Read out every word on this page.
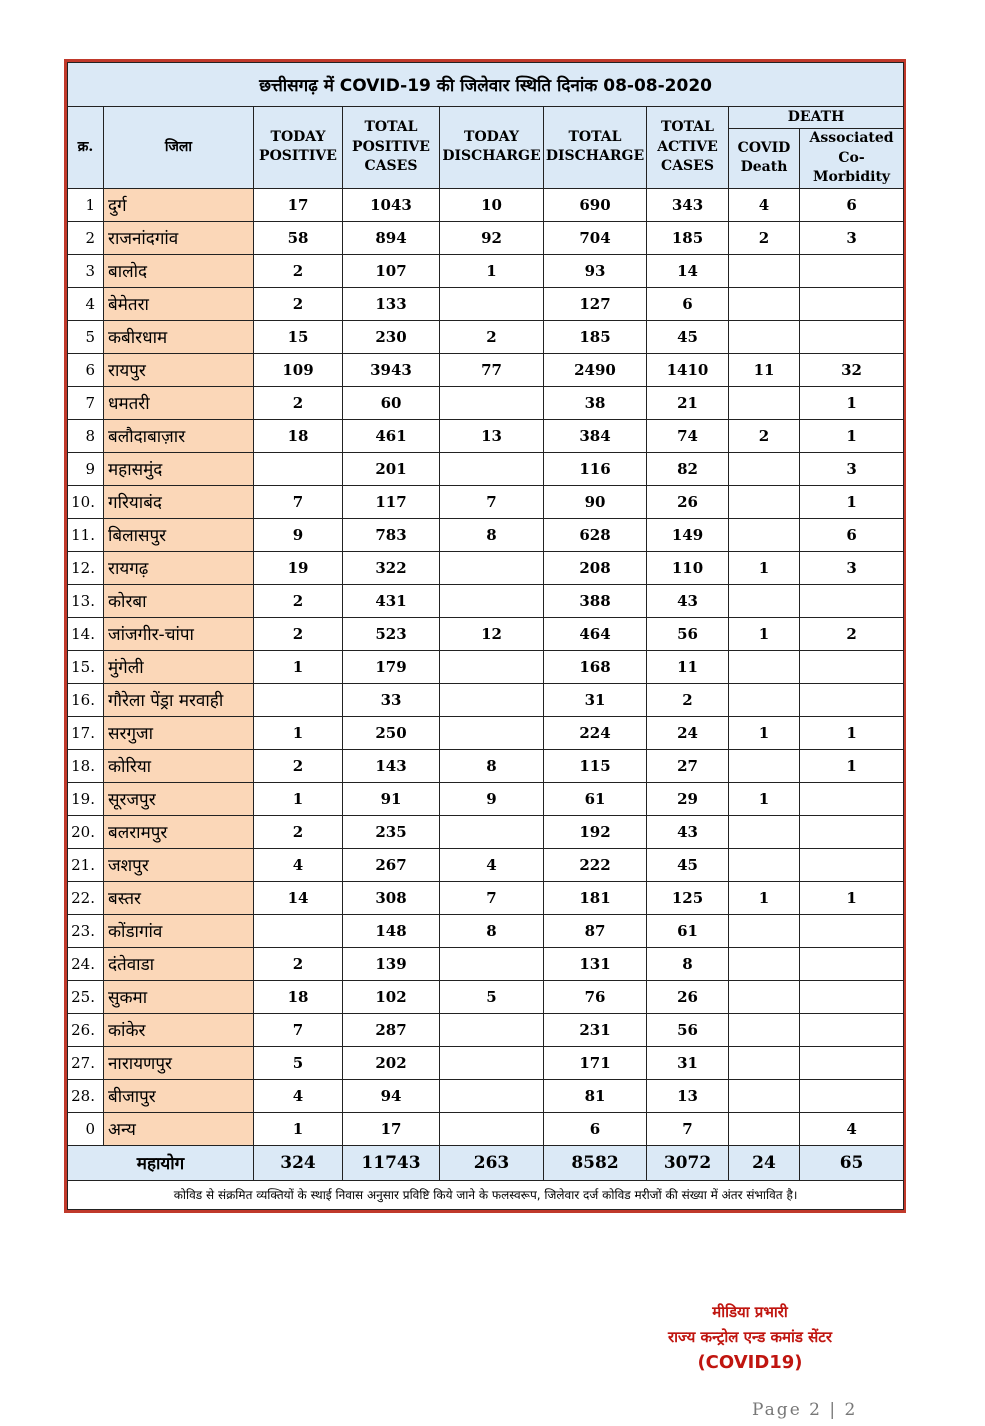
छत्तीसगढ़ में COVID-19 की जिलेवार स्थिति दिनांक 08-08-2020								
क्र.	जिला	TODAY POSITIVE	TOTAL POSITIVE CASES	TODAY DISCHARGE	TOTAL DISCHARGE	TOTAL ACTIVE CASES	DEATH	
							COVID Death	Associated Co-Morbidity
1	दुर्ग	17	1043	10	690	343	4	6
2	राजनांदगांव	58	894	92	704	185	2	3
3	बालोद	2	107	1	93	14		
4	बेमेतरा	2	133		127	6		
5	कबीरधाम	15	230	2	185	45		
6	रायपुर	109	3943	77	2490	1410	11	32
7	धमतरी	2	60		38	21		1
8	बलौदाबाज़ार	18	461	13	384	74	2	1
9	महासमुंद		201		116	82		3
10.	गरियाबंद	7	117	7	90	26		1
11.	बिलासपुर	9	783	8	628	149		6
12.	रायगढ़	19	322		208	110	1	3
13.	कोरबा	2	431		388	43		
14.	जांजगीर-चांपा	2	523	12	464	56	1	2
15.	मुंगेली	1	179		168	11		
16.	गौरेला पेंड्रा मरवाही		33		31	2		
17.	सरगुजा	1	250		224	24	1	1
18.	कोरिया	2	143	8	115	27		1
19.	सूरजपुर	1	91	9	61	29	1	
20.	बलरामपुर	2	235		192	43		
21.	जशपुर	4	267	4	222	45		
22.	बस्तर	14	308	7	181	125	1	1
23.	कोंडागांव		148	8	87	61		
24.	दंतेवाडा	2	139		131	8		
25.	सुकमा	18	102	5	76	26		
26.	कांकेर	7	287		231	56		
27.	नारायणपुर	5	202		171	31		
28.	बीजापुर	4	94		81	13		
0	अन्य	1	17		6	7		4
महायोग		324	11743	263	8582	3072	24	65
कोविड से संक्रमित व्यक्तियों के स्थाई निवास अनुसार प्रविष्टि किये जाने के फलस्वरूप, जिलेवार दर्ज कोविड मरीजों की संख्या में अंतर संभावित है।								
मीडिया प्रभारी
राज्य कन्ट्रोल एन्ड कमांड सेंटर
(COVID19)
Page 2 | 2
